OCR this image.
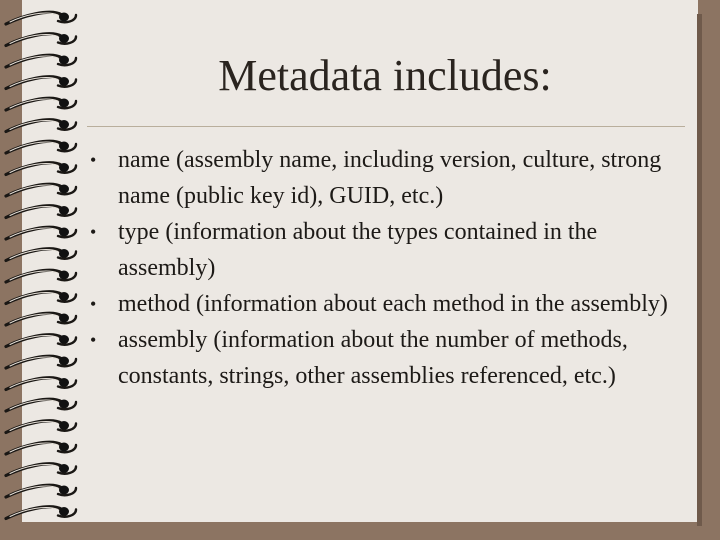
Metadata includes:
• name (assembly name, including version, culture, strong name (public key id), GUID, etc.)
• type (information about the types contained in the assembly)
• method (information about each method in the assembly)
• assembly (information about the number of methods, constants, strings, other assemblies referenced, etc.)
